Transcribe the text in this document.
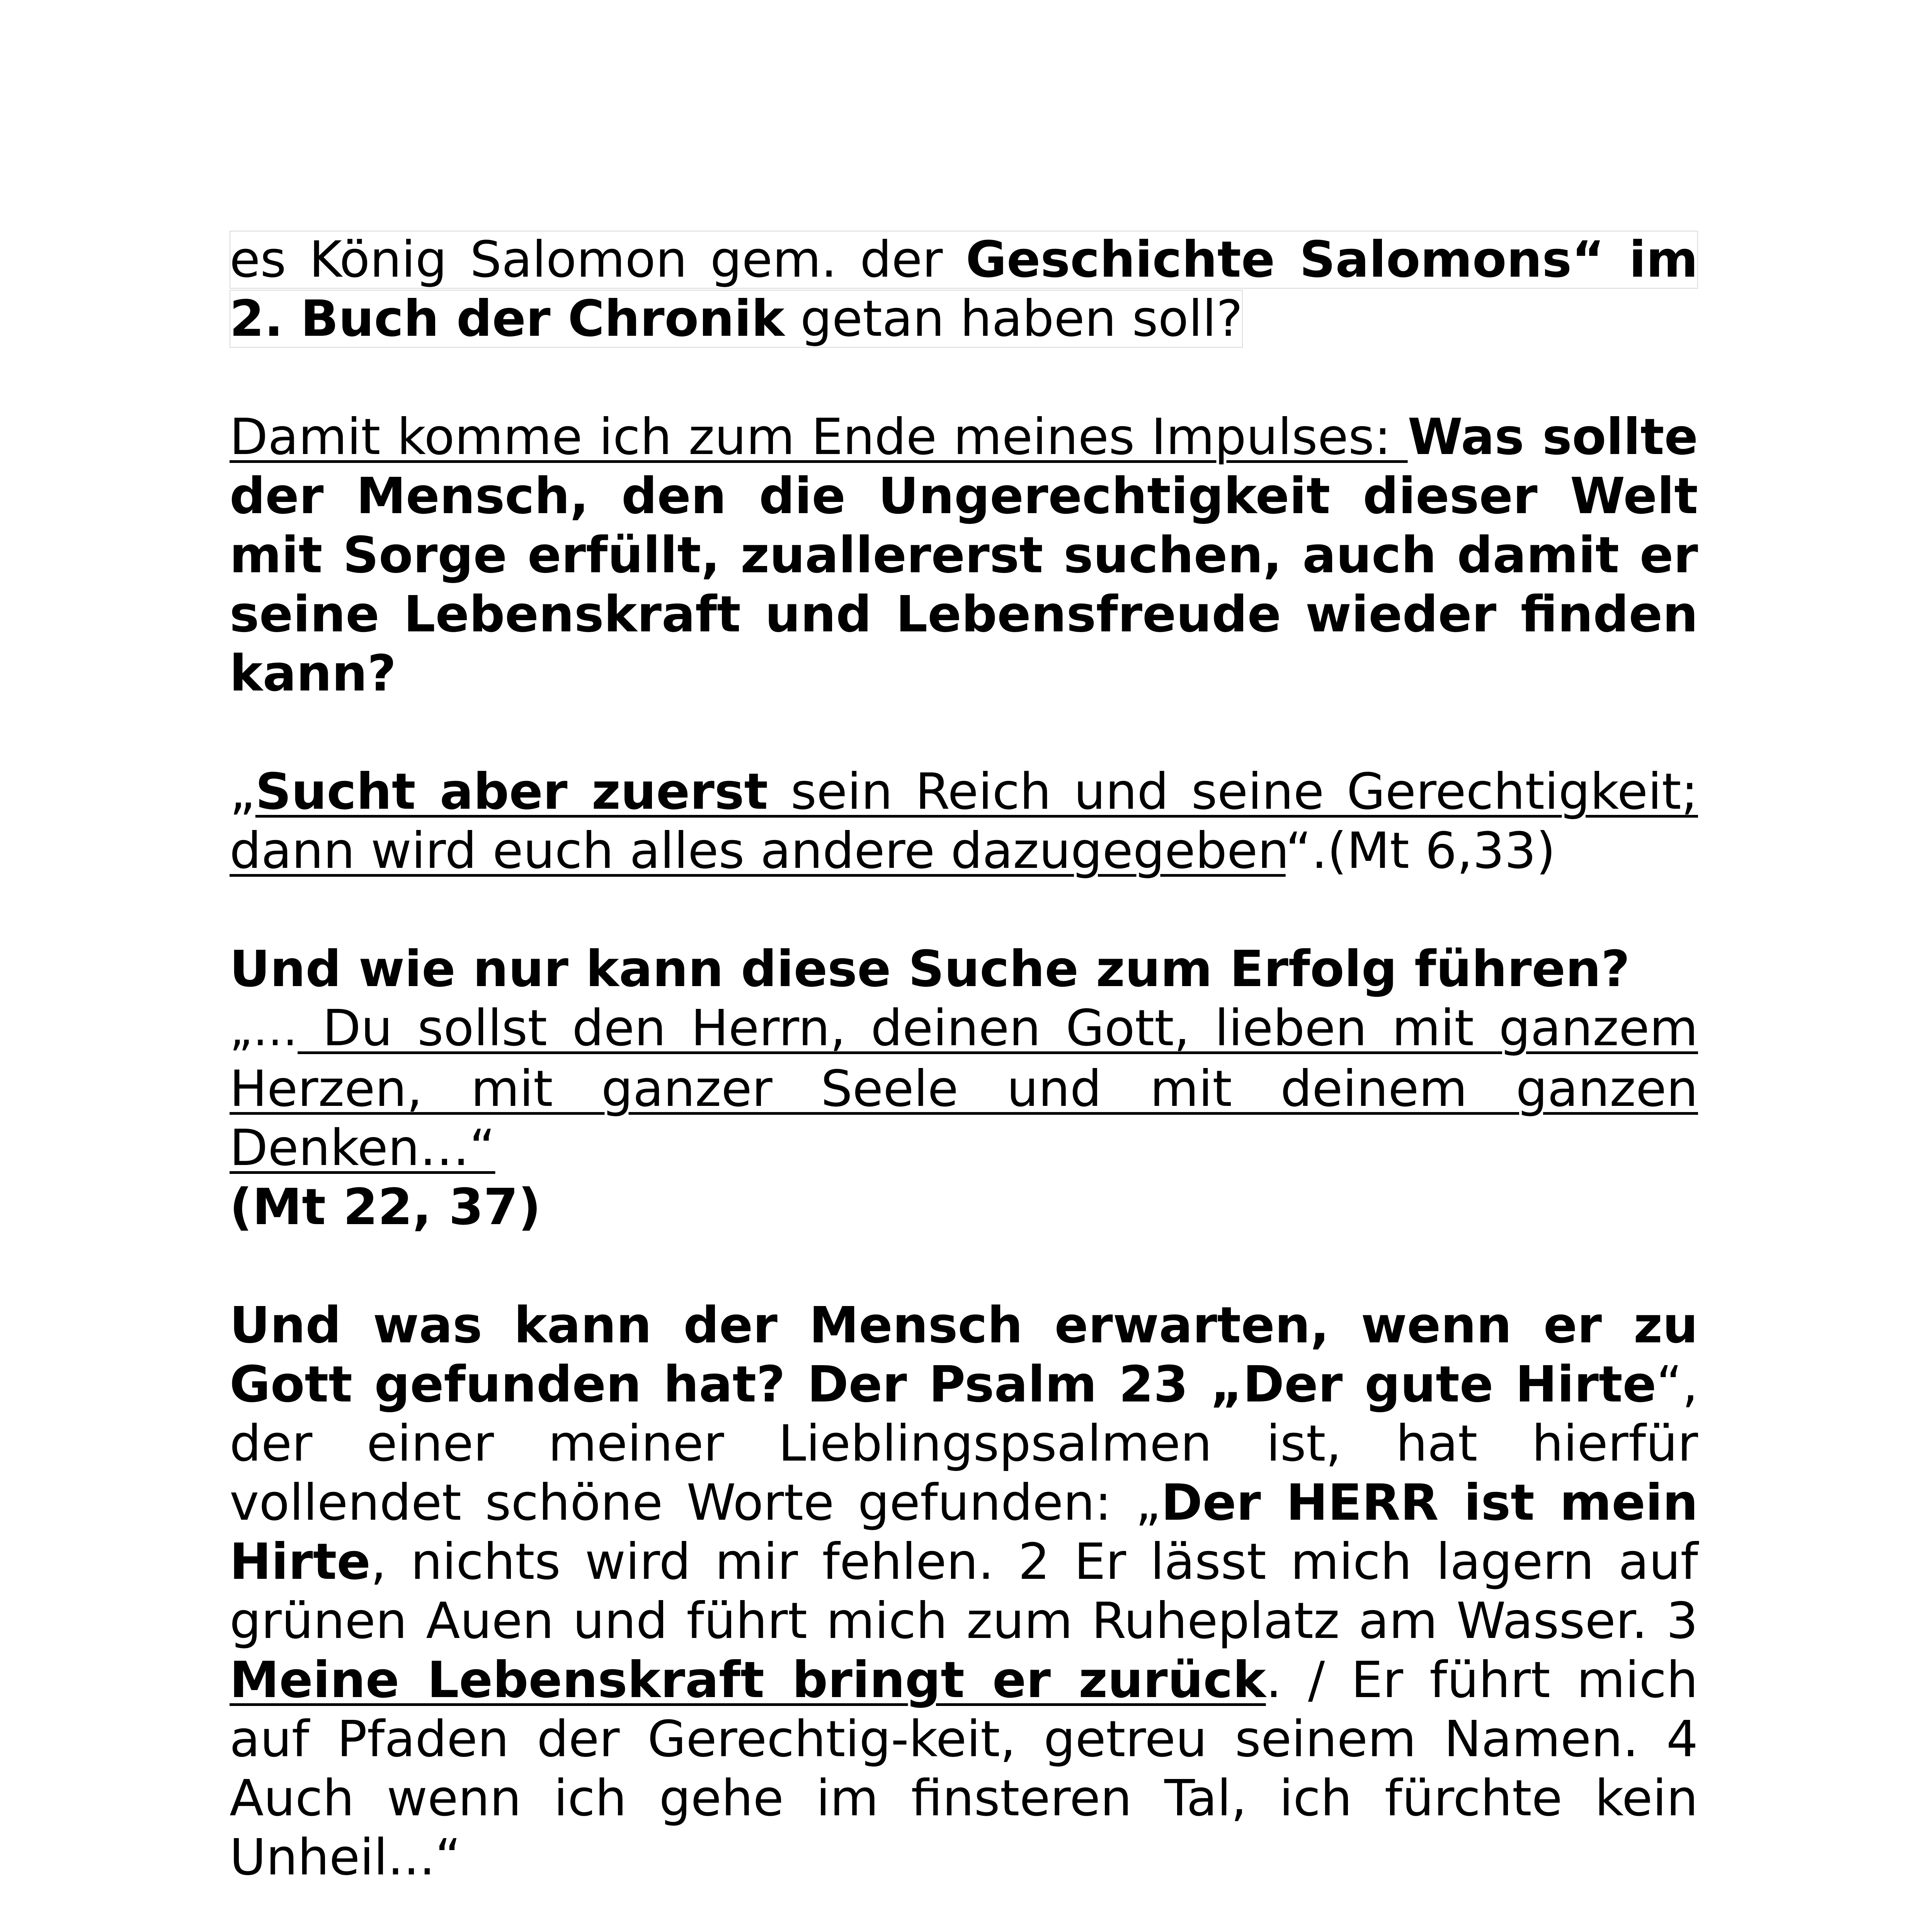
es König Salomon gem. der Geschichte Salomons“ im 2. Buch der Chronik getan haben soll?

Damit komme ich zum Ende meines Impulses: Was sollte der Mensch, den die Ungerechtigkeit dieser Welt mit Sorge erfüllt, zuallererst suchen, auch damit er seine Lebenskraft und Lebensfreude wieder finden kann?

„Sucht aber zuerst sein Reich und seine Gerechtigkeit; dann wird euch alles andere dazugegeben“.(Mt 6,33)

Und wie nur kann diese Suche zum Erfolg führen?
„… Du sollst den Herrn, deinen Gott, lieben mit ganzem Herzen, mit ganzer Seele und mit deinem ganzen Denken…“
(Mt 22, 37)

Und was kann der Mensch erwarten, wenn er zu Gott gefunden hat? Der Psalm 23 „Der gute Hirte“, der einer meiner Lieblingspsalmen ist, hat hierfür vollendet schöne Worte gefunden: „Der HERR ist mein Hirte, nichts wird mir fehlen. 2 Er lässt mich lagern auf grünen Auen und führt mich zum Ruheplatz am Wasser. 3 Meine Lebenskraft bringt er zurück. / Er führt mich auf Pfaden der Gerechtig-keit, getreu seinem Namen. 4 Auch wenn ich gehe im finsteren Tal, ich fürchte kein Unheil...“
